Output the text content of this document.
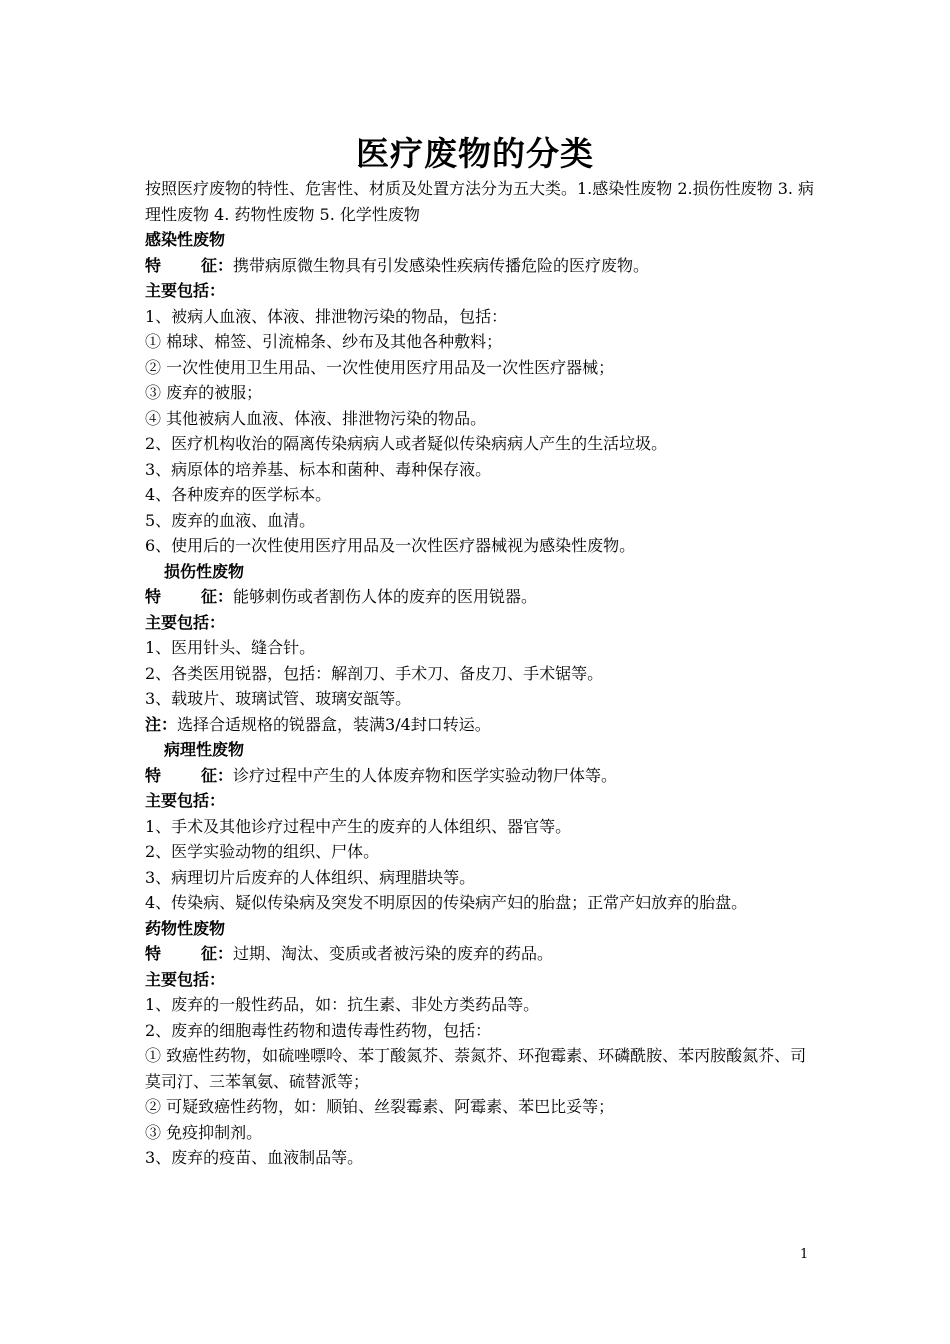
医疗废物的分类
按照医疗废物的特性、危害性、材质及处置方法分为五大类。1.感染性废物 2.损伤性废物 3. 病理性废物 4. 药物性废物 5. 化学性废物
感染性废物
特 征：携带病原微生物具有引发感染性疾病传播危险的医疗废物。
主要包括：
1、被病人血液、体液、排泄物污染的物品，包括：
① 棉球、棉签、引流棉条、纱布及其他各种敷料；
② 一次性使用卫生用品、一次性使用医疗用品及一次性医疗器械；
③ 废弃的被服；
④ 其他被病人血液、体液、排泄物污染的物品。
2、医疗机构收治的隔离传染病病人或者疑似传染病病人产生的生活垃圾。
3、病原体的培养基、标本和菌种、毒种保存液。
4、各种废弃的医学标本。
5、废弃的血液、血清。
6、使用后的一次性使用医疗用品及一次性医疗器械视为感染性废物。
损伤性废物
特 征：能够刺伤或者割伤人体的废弃的医用锐器。
主要包括：
1、医用针头、缝合针。
2、各类医用锐器，包括：解剖刀、手术刀、备皮刀、手术锯等。
3、载玻片、玻璃试管、玻璃安瓿等。
注：选择合适规格的锐器盒，装满3/4封口转运。
病理性废物
特 征：诊疗过程中产生的人体废弃物和医学实验动物尸体等。
主要包括：
1、手术及其他诊疗过程中产生的废弃的人体组织、器官等。
2、医学实验动物的组织、尸体。
3、病理切片后废弃的人体组织、病理腊块等。
4、传染病、疑似传染病及突发不明原因的传染病产妇的胎盘；正常产妇放弃的胎盘。
药物性废物
特 征：过期、淘汰、变质或者被污染的废弃的药品。
主要包括：
1、废弃的一般性药品，如：抗生素、非处方类药品等。
2、废弃的细胞毒性药物和遗传毒性药物，包括：
① 致癌性药物，如硫唑嘌呤、苯丁酸氮芥、萘氮芥、环孢霉素、环磷酰胺、苯丙胺酸氮芥、司莫司汀、三苯氧氨、硫替派等；
② 可疑致癌性药物，如：顺铂、丝裂霉素、阿霉素、苯巴比妥等；
③ 免疫抑制剂。
3、废弃的疫苗、血液制品等。
1
